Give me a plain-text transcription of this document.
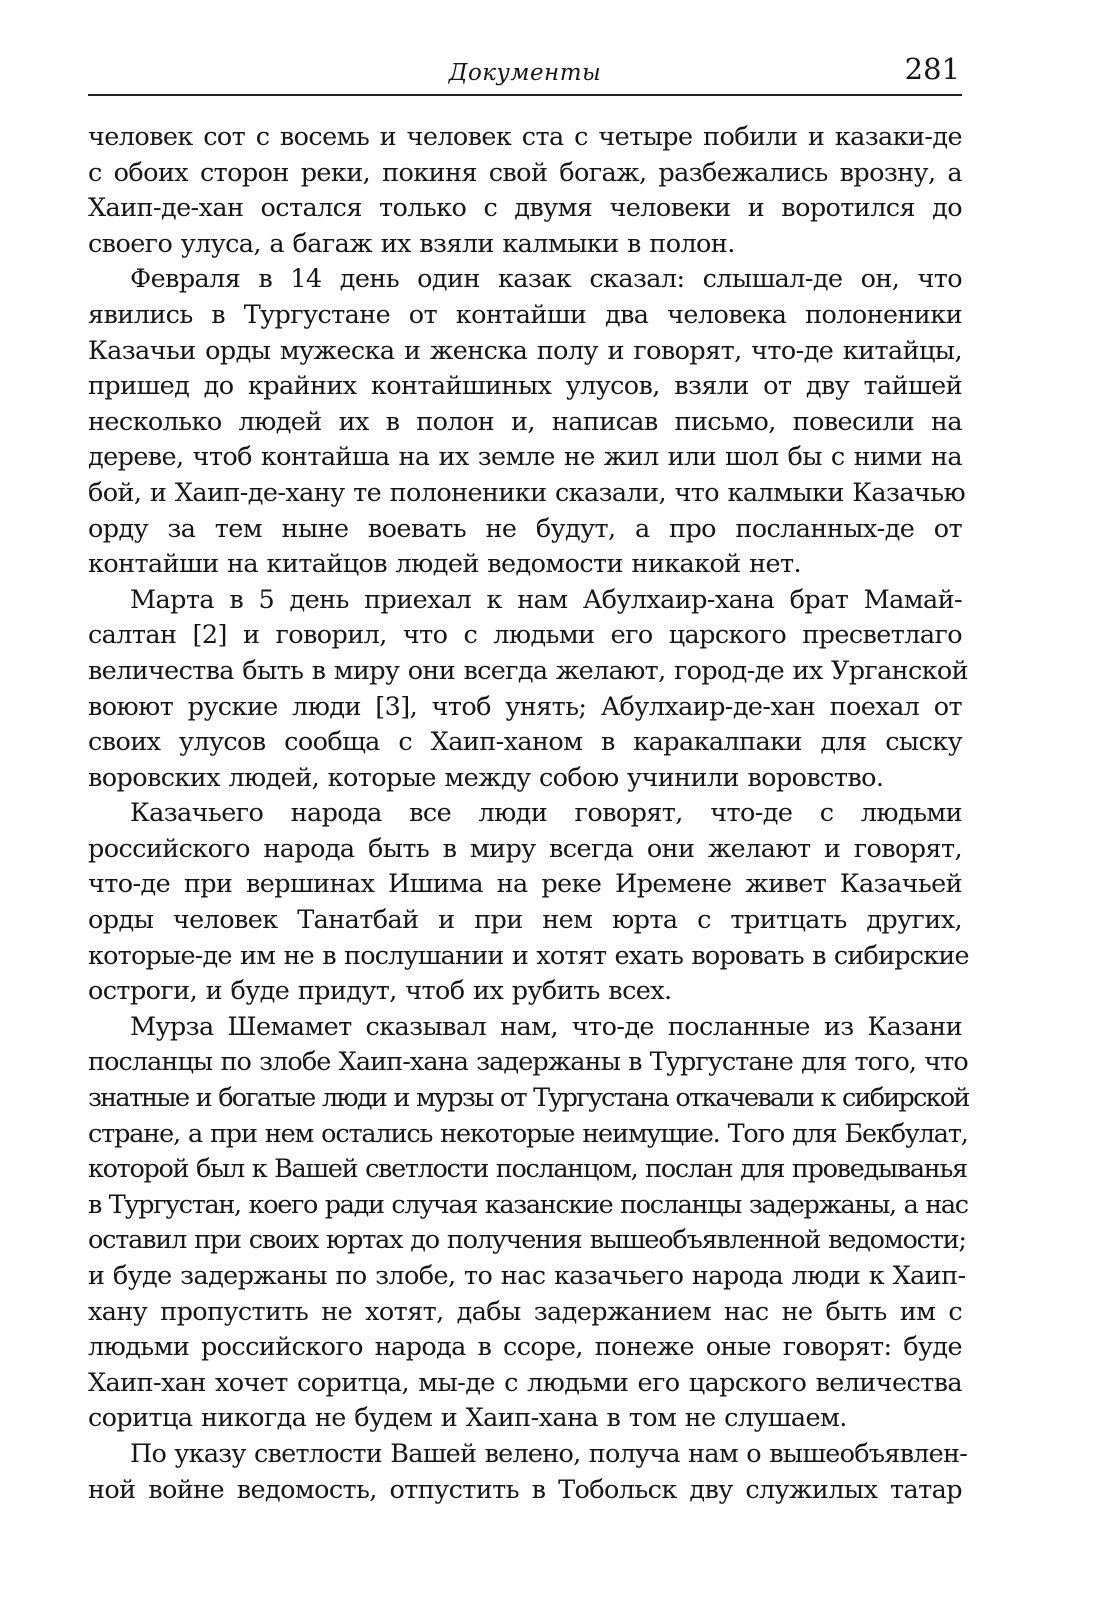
Документы	281

человек сот с восемь и человек ста с четыре побили и казаки-де
с обоих сторон реки, покиня свой богаж, разбежались врозну, а
Хаип-де-хан остался только с двумя человеки и воротился до
своего улуса, а багаж их взяли калмыки в полон.

Февраля в 14 день один казак сказал: слышал-де он, что
явились в Тургустане от контайши два человека полоненики
Казачьи орды мужеска и женска полу и говорят, что-де китайцы,
пришед до крайних контайшиных улусов, взяли от дву тайшей
несколько людей их в полон и, написав письмо, повесили на
дереве, чтоб контайша на их земле не жил или шол бы с ними на
бой, и Хаип-де-хану те полоненики сказали, что калмыки Казачью
орду за тем ныне воевать не будут, а про посланных-де от
контайши на китайцов людей ведомости никакой нет.

Марта в 5 день приехал к нам Абулхаир-хана брат Мамай-
салтан [2] и говорил, что с людьми его царского пресветлаго
величества быть в миру они всегда желают, город-де их Урганской
воюют руские люди [3], чтоб унять; Абулхаир-де-хан поехал от
своих улусов сообща с Хаип-ханом в каракалпаки для сыску
воровских людей, которые между собою учинили воровство.

Казачьего народа все люди говорят, что-де с людьми
российского народа быть в миру всегда они желают и говорят,
что-де при вершинах Ишима на реке Иремене живет Казачьей
орды человек Танатбай и при нем юрта с тритцать других,
которые-де им не в послушании и хотят ехать воровать в сибирские
остроги, и буде придут, чтоб их рубить всех.

Мурза Шемамет сказывал нам, что-де посланные из Казани
посланцы по злобе Хаип-хана задержаны в Тургустане для того, что
знатные и богатые люди и мурзы от Тургустана откачевали к сибирской
стране, а при нем остались некоторые неимущие. Того для Бекбулат,
которой был к Вашей светлости посланцом, послан для проведыванья
в Тургустан, коего ради случая казанские посланцы задержаны, а нас
оставил при своих юртах до получения вышеобъявленной ведомости;
и буде задержаны по злобе, то нас казачьего народа люди к Хаип-
хану пропустить не хотят, дабы задержанием нас не быть им с
людьми российского народа в ссоре, понеже оные говорят: буде
Хаип-хан хочет соритца, мы-де с людьми его царского величества
соритца никогда не будем и Хаип-хана в том не слушаем.

По указу светлости Вашей велено, получа нам о вышеобъявлен-
ной войне ведомость, отпустить в Тобольск дву служилых татар
